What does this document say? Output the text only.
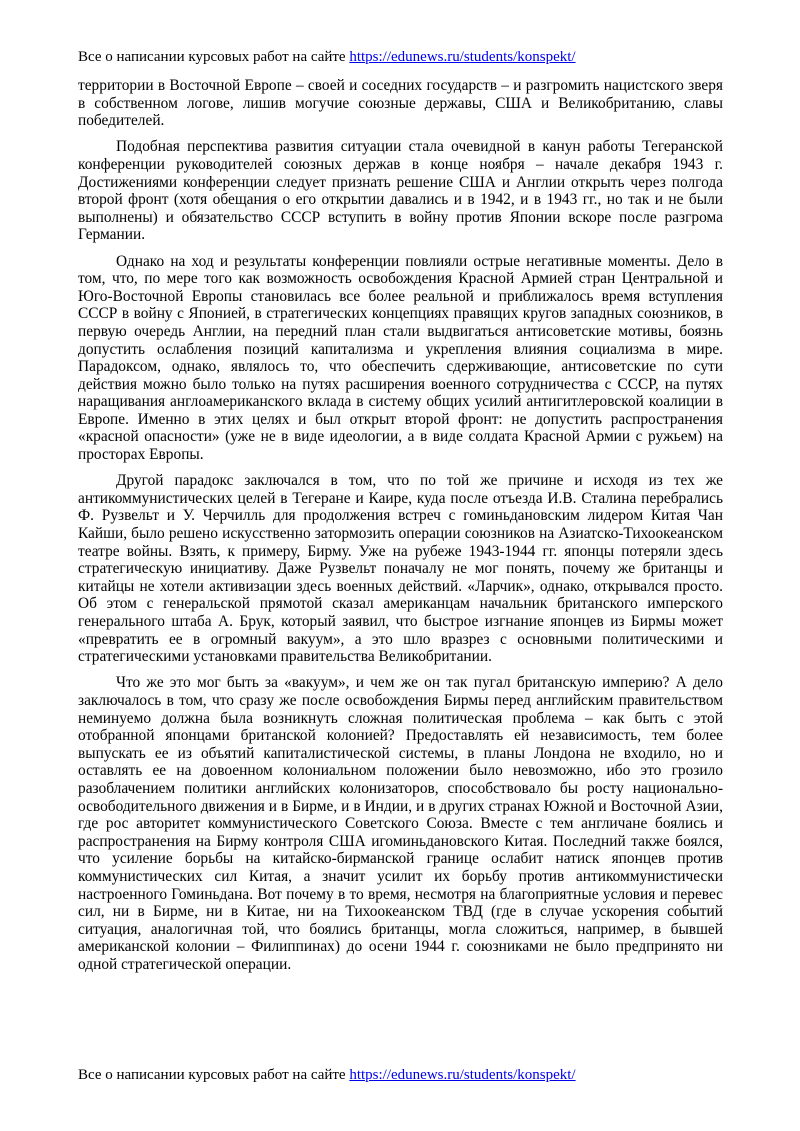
Все о написании курсовых работ на сайте https://edunews.ru/students/konspekt/

территории в Восточной Европе – своей и соседних государств – и разгромить нацистского зверя в собственном логове, лишив могучие союзные державы, США и Великобританию, славы победителей.

Подобная перспектива развития ситуации стала очевидной в канун работы Тегеранской конференции руководителей союзных держав в конце ноября – начале декабря 1943 г. Достижениями конференции следует признать решение США и Англии открыть через полгода второй фронт (хотя обещания о его открытии давались и в 1942, и в 1943 гг., но так и не были выполнены) и обязательство СССР вступить в войну против Японии вскоре после разгрома Германии.

Однако на ход и результаты конференции повлияли острые негативные моменты. Дело в том, что, по мере того как возможность освобождения Красной Армией стран Центральной и Юго-Восточной Европы становилась все более реальной и приближалось время вступления СССР в войну с Японией, в стратегических концепциях правящих кругов западных союзников, в первую очередь Англии, на передний план стали выдвигаться антисоветские мотивы, боязнь допустить ослабления позиций капитализма и укрепления влияния социализма в мире. Парадоксом, однако, являлось то, что обеспечить сдерживающие, антисоветские по сути действия можно было только на путях расширения военного сотрудничества с СССР, на путях наращивания англоамериканского вклада в систему общих усилий антигитлеровской коалиции в Европе. Именно в этих целях и был открыт второй фронт: не допустить распространения «красной опасности» (уже не в виде идеологии, а в виде солдата Красной Армии с ружьем) на просторах Европы.

Другой парадокс заключался в том, что по той же причине и исходя из тех же антикоммунистических целей в Тегеране и Каире, куда после отъезда И.В. Сталина перебрались Ф. Рузвельт и У. Черчилль для продолжения встреч с гоминьдановским лидером Китая Чан Кайши, было решено искусственно затормозить операции союзников на Азиатско-Тихоокеанском театре войны. Взять, к примеру, Бирму. Уже на рубеже 1943-1944 гг. японцы потеряли здесь стратегическую инициативу. Даже Рузвельт поначалу не мог понять, почему же британцы и китайцы не хотели активизации здесь военных действий. «Ларчик», однако, открывался просто. Об этом с генеральской прямотой сказал американцам начальник британского имперского генерального штаба А. Брук, который заявил, что быстрое изгнание японцев из Бирмы может «превратить ее в огромный вакуум», а это шло вразрез с основными политическими и стратегическими установками правительства Великобритании.

Что же это мог быть за «вакуум», и чем же он так пугал британскую империю? А дело заключалось в том, что сразу же после освобождения Бирмы перед английским правительством неминуемо должна была возникнуть сложная политическая проблема – как быть с этой отобранной японцами британской колонией? Предоставлять ей независимость, тем более выпускать ее из объятий капиталистической системы, в планы Лондона не входило, но и оставлять ее на довоенном колониальном положении было невозможно, ибо это грозило разоблачением политики английских колонизаторов, способствовало бы росту национально-освободительного движения и в Бирме, и в Индии, и в других странах Южной и Восточной Азии, где рос авторитет коммунистического Советского Союза. Вместе с тем англичане боялись и распространения на Бирму контроля США игоминьдановского Китая. Последний также боялся, что усиление борьбы на китайско-бирманской границе ослабит натиск японцев против коммунистических сил Китая, а значит усилит их борьбу против антикоммунистически настроенного Гоминьдана. Вот почему в то время, несмотря на благоприятные условия и перевес сил, ни в Бирме, ни в Китае, ни на Тихоокеанском ТВД (где в случае ускорения событий ситуация, аналогичная той, что боялись британцы, могла сложиться, например, в бывшей американской колонии – Филиппинах) до осени 1944 г. союзниками не было предпринято ни одной стратегической операции.

Все о написании курсовых работ на сайте https://edunews.ru/students/konspekt/
